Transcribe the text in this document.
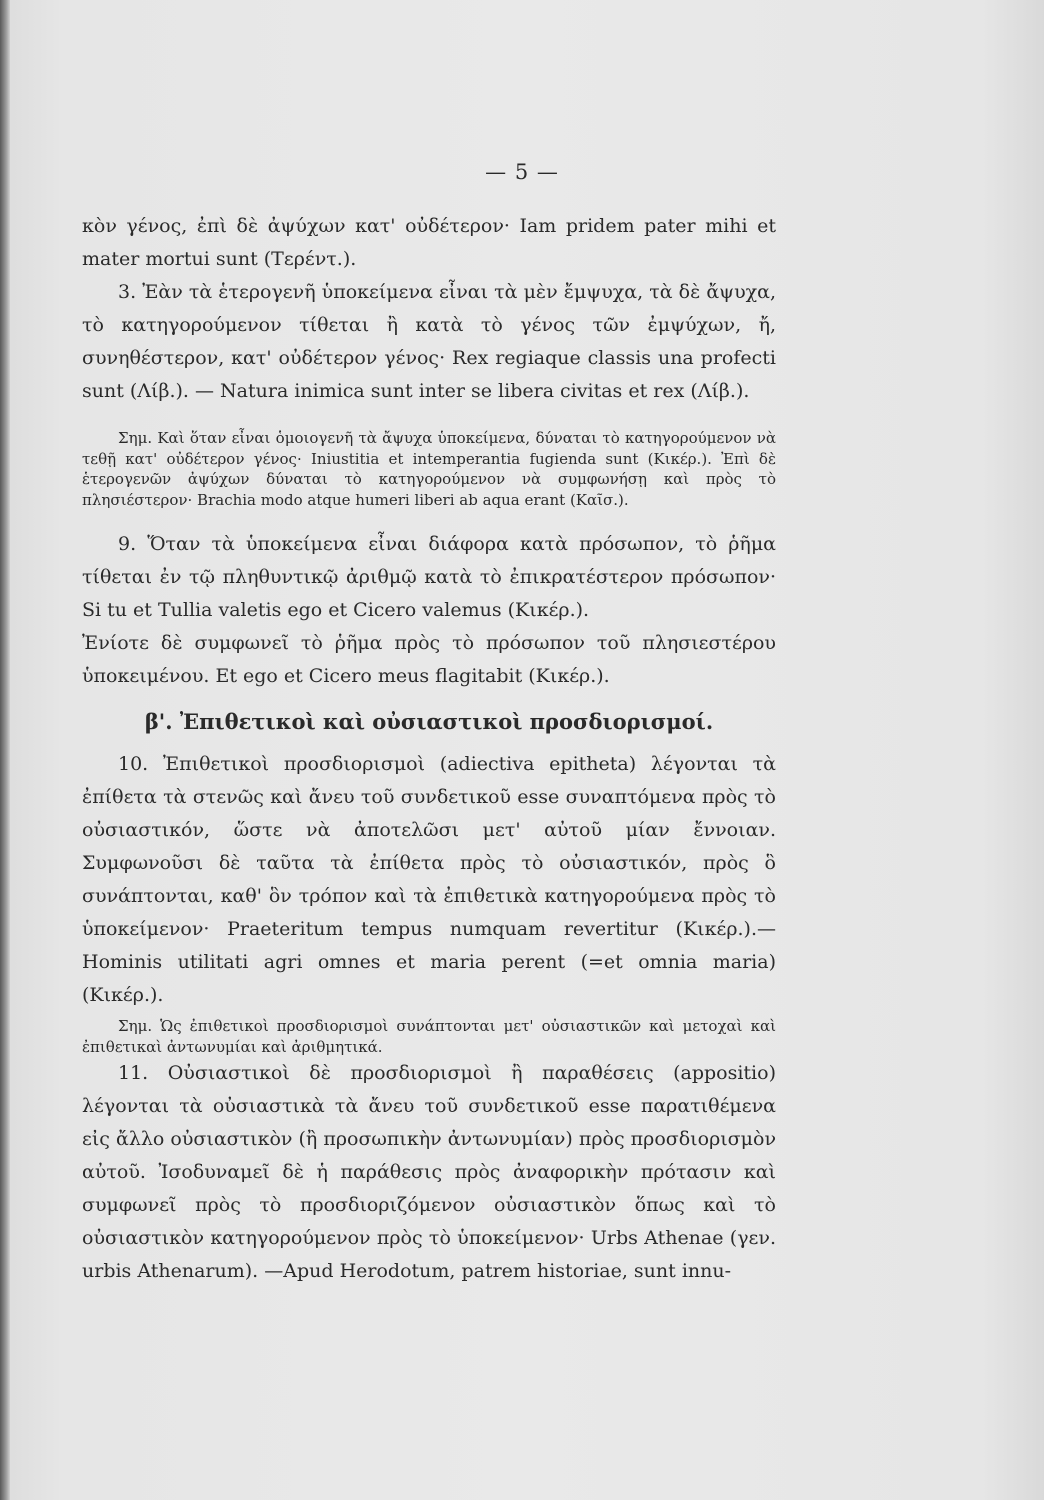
— 5 —

κὸν γένος, ἐπὶ δὲ ἀψύχων κατ' οὐδέτερον· Iam pridem pater mihi et mater mortui sunt (Τερέντ.).

3. Ἐὰν τὰ ἑτερογενῆ ὑποκείμενα εἶναι τὰ μὲν ἔμψυχα, τὰ δὲ ἄψυχα, τὸ κατηγορούμενον τίθεται ἢ κατὰ τὸ γένος τῶν ἐμψύχων, ἤ, συνηθέστερον, κατ' οὐδέτερον γένος· Rex regiaque classis una profecti sunt (Λίβ.). — Natura inimica sunt inter se libera civitas et rex (Λίβ.).

Σημ. Καὶ ὅταν εἶναι ὁμοιογενῆ τὰ ἄψυχα ὑποκείμενα, δύναται τὸ κατηγορούμενον νὰ τεθῇ κατ' οὐδέτερον γένος· Iniustitia et intemperantia fugienda sunt (Κικέρ.). Ἐπὶ δὲ ἑτερογενῶν ἀψύχων δύναται τὸ κατηγορούμενον νὰ συμφωνήσῃ καὶ πρὸς τὸ πλησιέστερον· Brachia modo atque humeri liberi ab aqua erant (Καῖσ.).

9. Ὅταν τὰ ὑποκείμενα εἶναι διάφορα κατὰ πρόσωπον, τὸ ῥῆμα τίθεται ἐν τῷ πληθυντικῷ ἀριθμῷ κατὰ τὸ ἐπικρατέστερον πρόσωπον· Si tu et Tullia valetis ego et Cicero valemus (Κικέρ.).

Ἐνίοτε δὲ συμφωνεῖ τὸ ῥῆμα πρὸς τὸ πρόσωπον τοῦ πλησιεστέρου ὑποκειμένου. Et ego et Cicero meus flagitabit (Κικέρ.).

β'. Ἐπιθετικοὶ καὶ οὐσιαστικοὶ προσδιορισμοί.

10. Ἐπιθετικοὶ προσδιορισμοὶ (adiectiva epitheta) λέγονται τὰ ἐπίθετα τὰ στενῶς καὶ ἄνευ τοῦ συνδετικοῦ esse συναπτόμενα πρὸς τὸ οὐσιαστικόν, ὥστε νὰ ἀποτελῶσι μετ' αὐτοῦ μίαν ἔννοιαν. Συμφωνοῦσι δὲ ταῦτα τὰ ἐπίθετα πρὸς τὸ οὐσιαστικόν, πρὸς ὃ συνάπτονται, καθ' ὃν τρόπον καὶ τὰ ἐπιθετικὰ κατηγορούμενα πρὸς τὸ ὑποκείμενον· Praeteritum tempus numquam revertitur (Κικέρ.).— Hominis utilitati agri omnes et maria perent (=et omnia maria) (Κικέρ.).

Σημ. Ὡς ἐπιθετικοὶ προσδιορισμοὶ συνάπτονται μετ' οὐσιαστικῶν καὶ μετοχαὶ καὶ ἐπιθετικαὶ ἀντωνυμίαι καὶ ἀριθμητικά.

11. Οὐσιαστικοὶ δὲ προσδιορισμοὶ ἢ παραθέσεις (appositio) λέγονται τὰ οὐσιαστικὰ τὰ ἄνευ τοῦ συνδετικοῦ esse παρατιθέμενα εἰς ἄλλο οὐσιαστικὸν (ἢ προσωπικὴν ἀντωνυμίαν) πρὸς προσδιορισμὸν αὐτοῦ. Ἰσοδυναμεῖ δὲ ἡ παράθεσις πρὸς ἀναφορικὴν πρότασιν καὶ συμφωνεῖ πρὸς τὸ προσδιοριζόμενον οὐσιαστικὸν ὅπως καὶ τὸ οὐσιαστικὸν κατηγορούμενον πρὸς τὸ ὑποκείμενον· Urbs Athenae (γεν. urbis Athenarum). —Apud Herodotum, patrem historiae, sunt innu-
